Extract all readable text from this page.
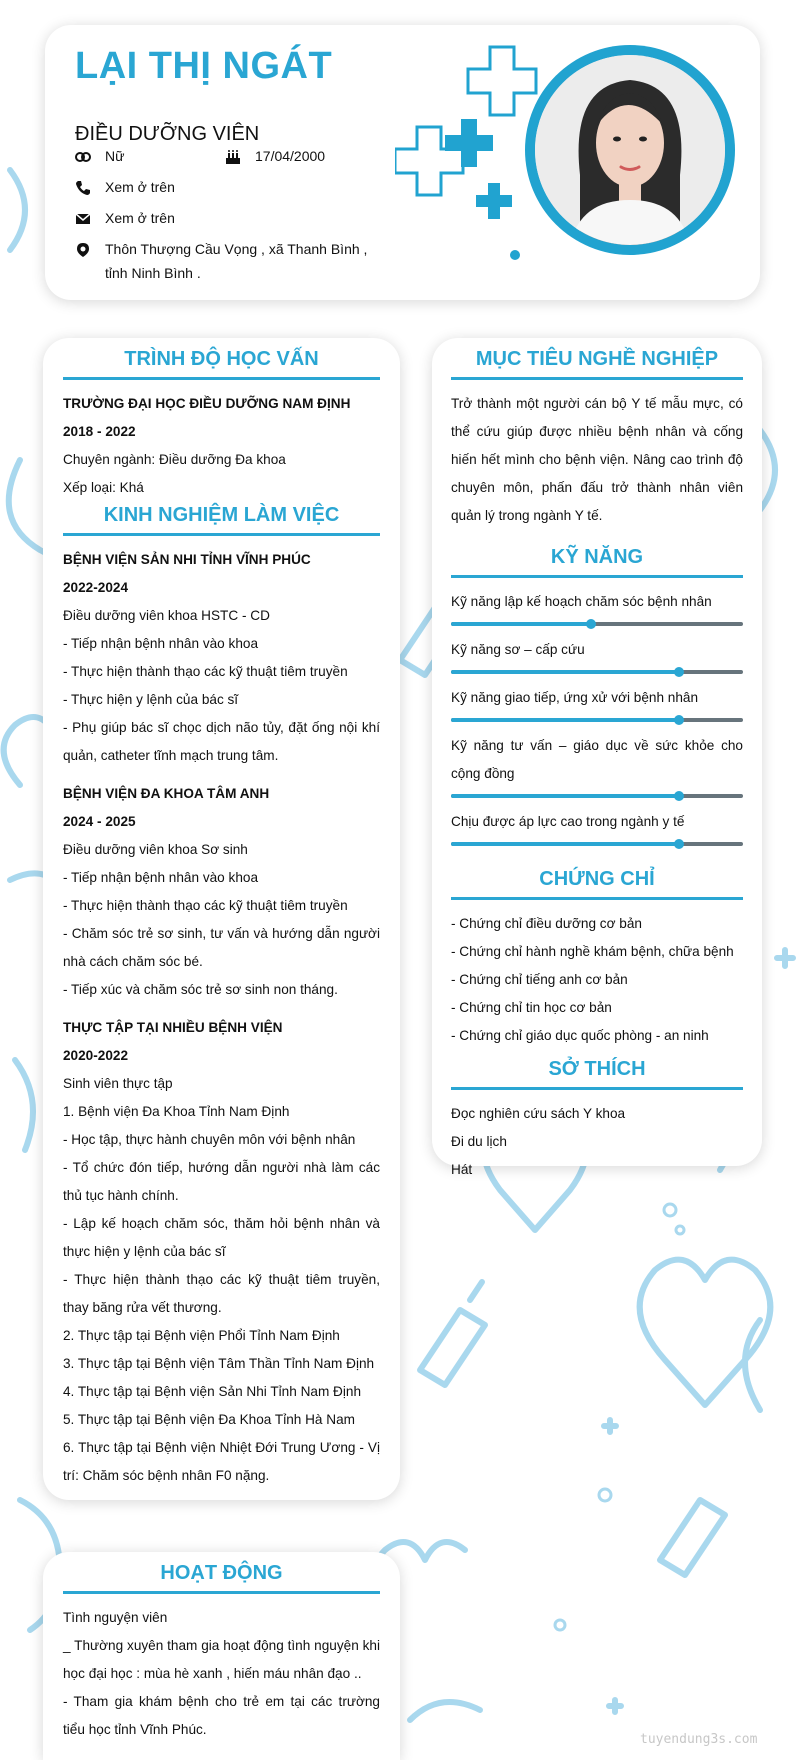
LẠI THỊ NGÁT
ĐIỀU DƯỠNG VIÊN
Nữ	17/04/2000
Xem ở trên
Xem ở trên
Thôn Thượng Cầu Vọng , xã Thanh Bình , tỉnh Ninh Bình .
TRÌNH ĐỘ HỌC VẤN
TRƯỜNG ĐẠI HỌC ĐIỀU DƯỠNG NAM ĐỊNH
2018 - 2022
Chuyên ngành: Điều dưỡng Đa khoa
Xếp loại: Khá
KINH NGHIỆM LÀM VIỆC
BỆNH VIỆN SẢN NHI TỈNH VĨNH PHÚC
2022-2024
Điều dưỡng viên khoa HSTC - CD
- Tiếp nhận bệnh nhân vào khoa
- Thực hiện thành thạo các kỹ thuật tiêm truyền
- Thực hiện y lệnh của bác sĩ
- Phụ giúp bác sĩ chọc dịch não tủy, đặt ống nội khí quản, catheter tĩnh mạch trung tâm.
BỆNH VIỆN ĐA KHOA TÂM ANH
2024 - 2025
Điều dưỡng viên khoa Sơ sinh
- Tiếp nhận bệnh nhân vào khoa
- Thực hiện thành thạo các kỹ thuật tiêm truyền
- Chăm sóc trẻ sơ sinh, tư vấn và hướng dẫn người nhà cách chăm sóc bé.
- Tiếp xúc và chăm sóc trẻ sơ sinh non tháng.
THỰC TẬP TẠI NHIỀU BỆNH VIỆN
2020-2022
Sinh viên thực tập
1. Bệnh viện Đa Khoa Tỉnh Nam Định
- Học tập, thực hành chuyên môn với bệnh nhân
- Tổ chức đón tiếp, hướng dẫn người nhà làm các thủ tục hành chính.
- Lập kế hoạch chăm sóc, thăm hỏi bệnh nhân và thực hiện y lệnh của bác sĩ
- Thực hiện thành thạo các kỹ thuật tiêm truyền, thay băng rửa vết thương.
2. Thực tập tại Bệnh viện Phổi Tỉnh Nam Định
3. Thực tập tại Bệnh viện Tâm Thần Tỉnh Nam Định
4. Thực tập tại Bệnh viện Sản Nhi Tỉnh Nam Định
5. Thực tập tại Bệnh viện Đa Khoa Tỉnh Hà Nam
6. Thực tập tại Bệnh viện Nhiệt Đới Trung Ương - Vị trí: Chăm sóc bệnh nhân F0 nặng.
MỤC TIÊU NGHỀ NGHIỆP
Trở thành một người cán bộ Y tế mẫu mực, có thể cứu giúp được nhiều bệnh nhân và cống hiến hết mình cho bệnh viện. Nâng cao trình độ chuyên môn, phấn đấu trở thành nhân viên quản lý trong ngành Y tế.
KỸ NĂNG
Kỹ năng lập kế hoạch chăm sóc bệnh nhân
Kỹ năng sơ – cấp cứu
Kỹ năng giao tiếp, ứng xử với bệnh nhân
Kỹ năng tư vấn – giáo dục về sức khỏe cho cộng đồng
Chịu được áp lực cao trong ngành y tế
CHỨNG CHỈ
- Chứng chỉ điều dưỡng cơ bản
- Chứng chỉ hành nghề khám bệnh, chữa bệnh
- Chứng chỉ tiếng anh cơ bản
- Chứng chỉ tin học cơ bản
- Chứng chỉ giáo dục quốc phòng - an ninh
SỞ THÍCH
Đọc nghiên cứu sách Y khoa
Đi du lịch
Hát
HOẠT ĐỘNG
Tình nguyện viên
_ Thường xuyên tham gia hoạt động tình nguyện khi học đại học : mùa hè xanh , hiến máu nhân đạo ..
- Tham gia khám bệnh cho trẻ em tại các trường tiểu học tỉnh Vĩnh Phúc.
tuyendung3s.com
